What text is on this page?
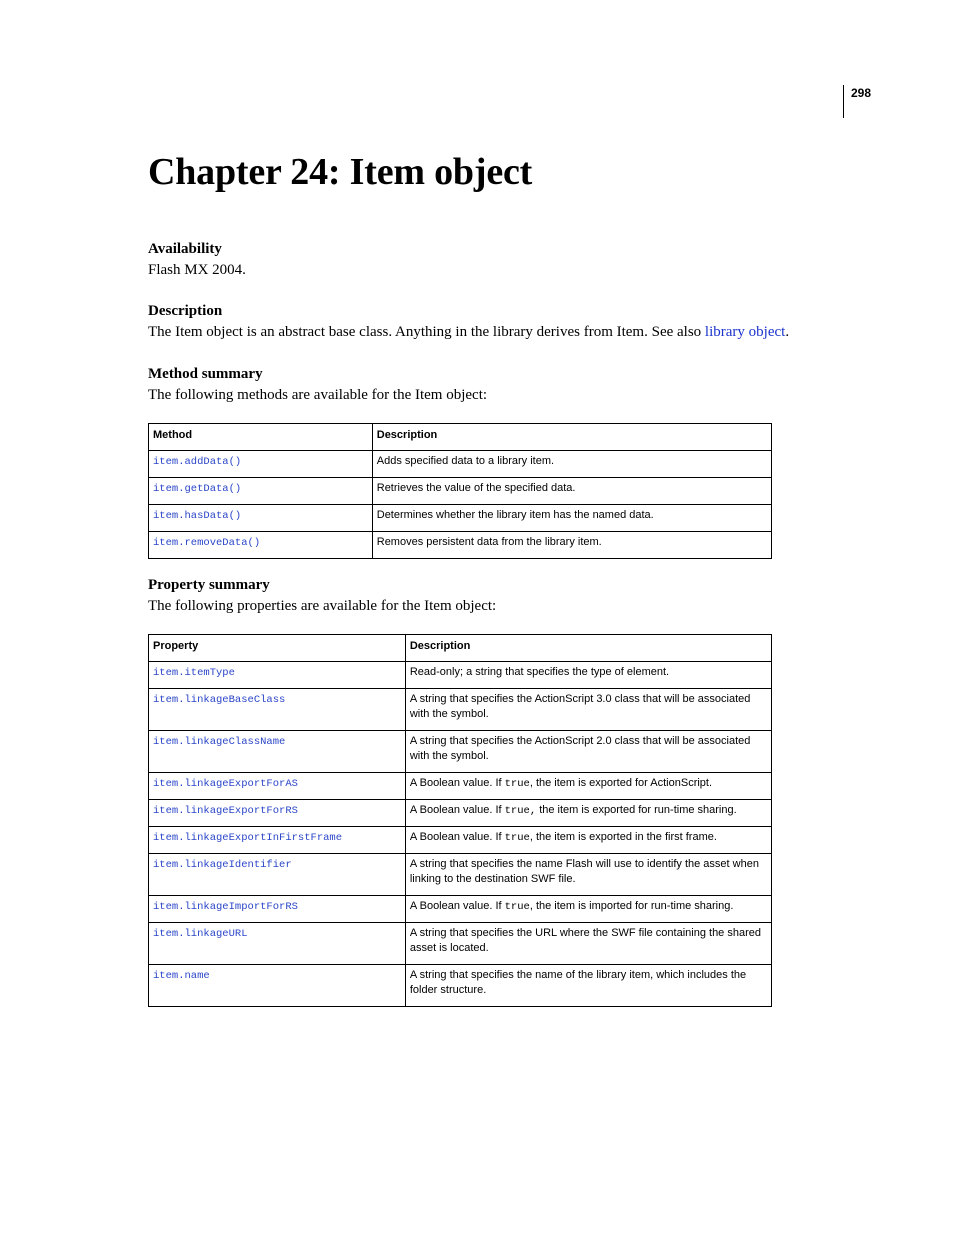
298
Chapter 24: Item object
Availability

Flash MX 2004.

Description

The Item object is an abstract base class. Anything in the library derives from Item. See also library object.

Method summary

The following methods are available for the Item object:

Method	Description
item.addData()	Adds specified data to a library item.
item.getData()	Retrieves the value of the specified data.
item.hasData()	Determines whether the library item has the named data.
item.removeData()	Removes persistent data from the library item.
Property summary

The following properties are available for the Item object:

Property	Description
item.itemType	Read-only; a string that specifies the type of element.
item.linkageBaseClass	A string that specifies the ActionScript 3.0 class that will be associated with the symbol.
item.linkageClassName	A string that specifies the ActionScript 2.0 class that will be associated with the symbol.
item.linkageExportForAS	A Boolean value. If true, the item is exported for ActionScript.
item.linkageExportForRS	A Boolean value. If true, the item is exported for run-time sharing.
item.linkageExportInFirstFrame	A Boolean value. If true, the item is exported in the first frame.
item.linkageIdentifier	A string that specifies the name Flash will use to identify the asset when linking to the destination SWF file.
item.linkageImportForRS	A Boolean value. If true, the item is imported for run-time sharing.
item.linkageURL	A string that specifies the URL where the SWF file containing the shared asset is located.
item.name	A string that specifies the name of the library item, which includes the folder structure.
